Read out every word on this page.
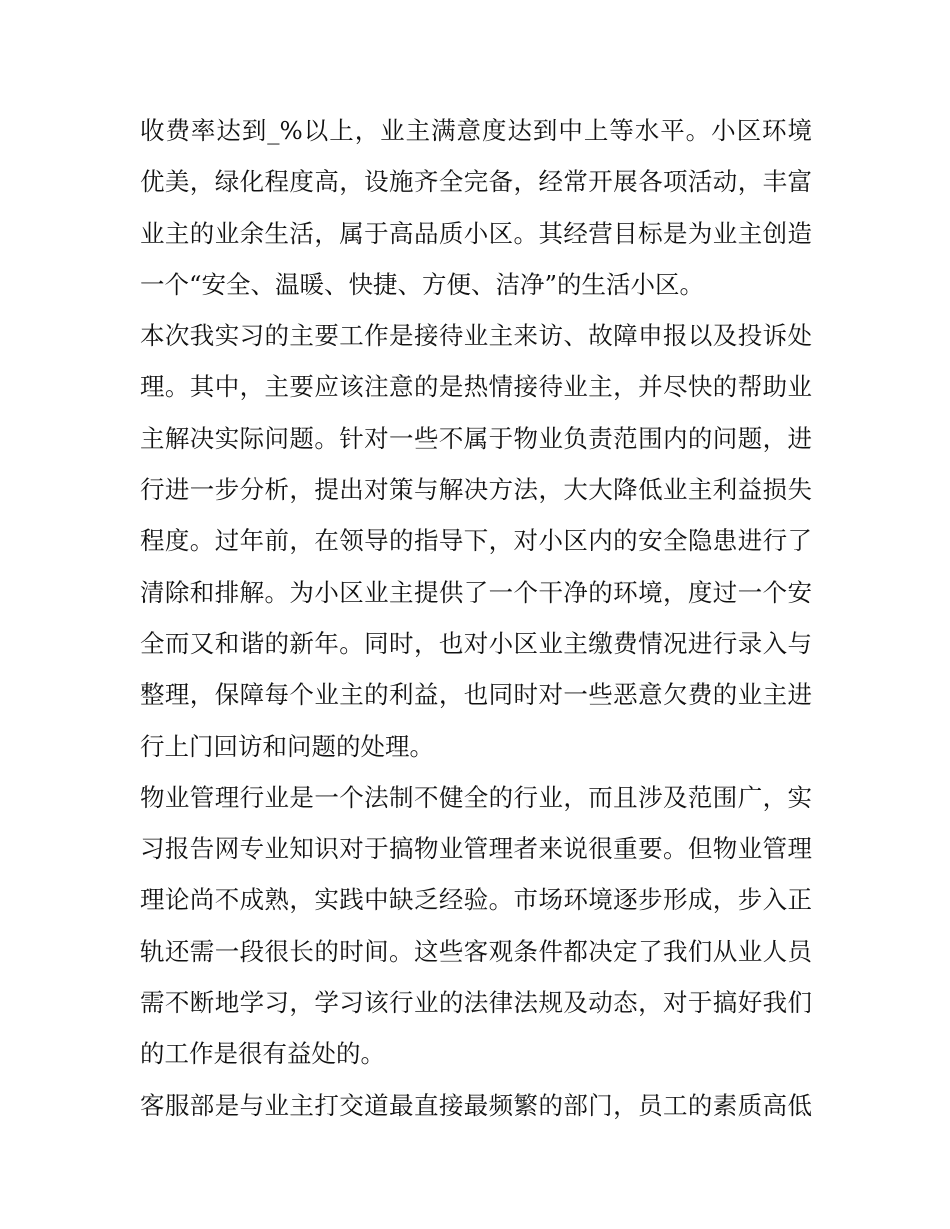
收费率达到_%以上，业主满意度达到中上等水平。小区环境
优美，绿化程度高，设施齐全完备，经常开展各项活动，丰富
业主的业余生活，属于高品质小区。其经营目标是为业主创造
一个“安全、温暖、快捷、方便、洁净”的生活小区。
本次我实习的主要工作是接待业主来访、故障申报以及投诉处
理。其中，主要应该注意的是热情接待业主，并尽快的帮助业
主解决实际问题。针对一些不属于物业负责范围内的问题，进
行进一步分析，提出对策与解决方法，大大降低业主利益损失
程度。过年前，在领导的指导下，对小区内的安全隐患进行了
清除和排解。为小区业主提供了一个干净的环境，度过一个安
全而又和谐的新年。同时，也对小区业主缴费情况进行录入与
整理，保障每个业主的利益，也同时对一些恶意欠费的业主进
行上门回访和问题的处理。
物业管理行业是一个法制不健全的行业，而且涉及范围广，实
习报告网专业知识对于搞物业管理者来说很重要。但物业管理
理论尚不成熟，实践中缺乏经验。市场环境逐步形成，步入正
轨还需一段很长的时间。这些客观条件都决定了我们从业人员
需不断地学习，学习该行业的法律法规及动态，对于搞好我们
的工作是很有益处的。
客服部是与业主打交道最直接最频繁的部门，员工的素质高低
